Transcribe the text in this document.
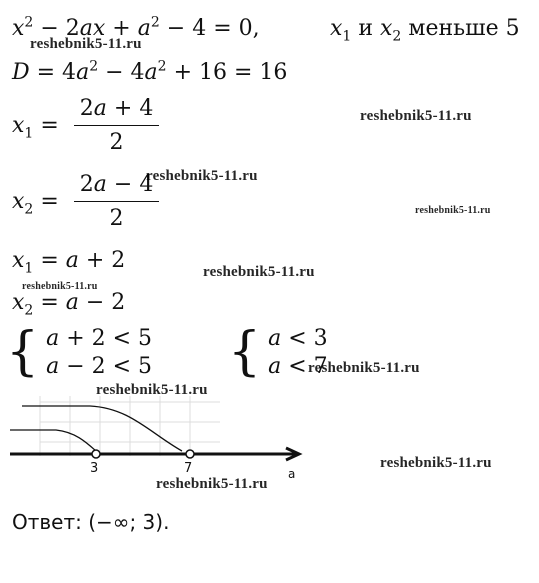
$x^2 - 2ax + a^2 - 4 = 0$,	$x_1$ и $x_2$ меньше 5
$D = 4a^2 - 4a^2 + 16 = 16$
$x_1 = \frac{2a + 4}{2}$
$x_2 = \frac{2a - 4}{2}$
$x_1 = a + 2$
$x_2 = a - 2$
{ a + 2 < 5
a − 2 < 5 { a < 3
a < 7
3	7	a
Ответ: (−∞; 3).
reshebnik5-11.ru
reshebnik5-11.ru
reshebnik5-11.ru
reshebnik5-11.ru
reshebnik5-11.ru
reshebnik5-11.ru
reshebnik5-11.ru
reshebnik5-11.ru
reshebnik5-11.ru
reshebnik5-11.ru
